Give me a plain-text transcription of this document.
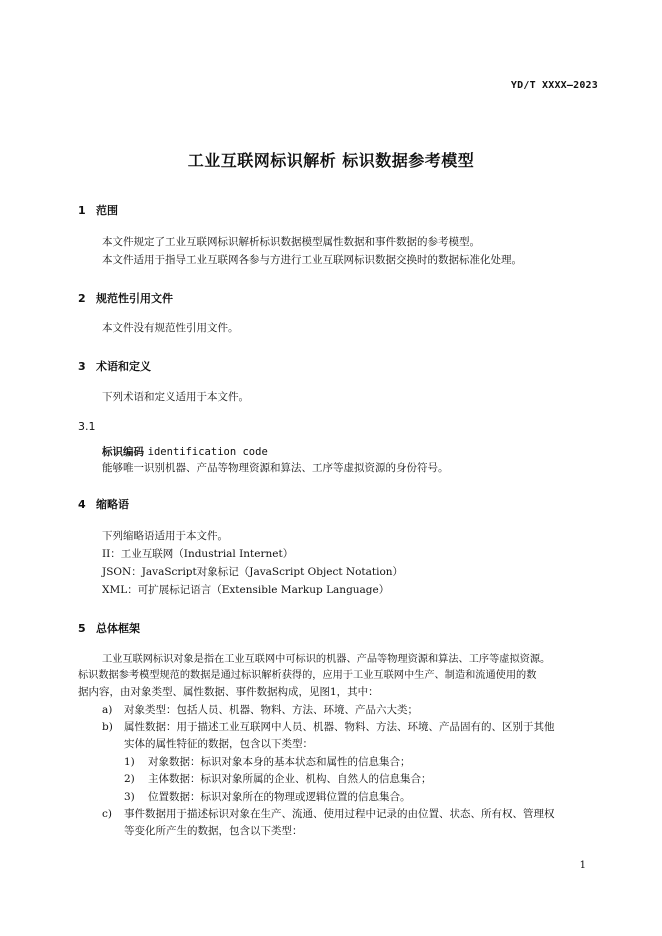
YD/T XXXX—2023
工业互联网标识解析 标识数据参考模型
1 范围
本文件规定了工业互联网标识解析标识数据模型属性数据和事件数据的参考模型。
本文件适用于指导工业互联网各参与方进行工业互联网标识数据交换时的数据标准化处理。
2 规范性引用文件
本文件没有规范性引用文件。
3 术语和定义
下列术语和定义适用于本文件。
3.1
标识编码 identification code
能够唯一识别机器、产品等物理资源和算法、工序等虚拟资源的身份符号。
4 缩略语
下列缩略语适用于本文件。
II：工业互联网（Industrial Internet）
JSON：JavaScript对象标记（JavaScript Object Notation）
XML：可扩展标记语言（Extensible Markup Language）
5 总体框架
工业互联网标识对象是指在工业互联网中可标识的机器、产品等物理资源和算法、工序等虚拟资源。
标识数据参考模型规范的数据是通过标识解析获得的，应用于工业互联网中生产、制造和流通使用的数
据内容，由对象类型、属性数据、事件数据构成，见图1，其中：
a) 对象类型：包括人员、机器、物料、方法、环境、产品六大类；
b) 属性数据：用于描述工业互联网中人员、机器、物料、方法、环境、产品固有的、区别于其他
实体的属性特征的数据，包含以下类型：
1) 对象数据：标识对象本身的基本状态和属性的信息集合；
2) 主体数据：标识对象所属的企业、机构、自然人的信息集合；
3) 位置数据：标识对象所在的物理或逻辑位置的信息集合。
c) 事件数据用于描述标识对象在生产、流通、使用过程中记录的由位置、状态、所有权、管理权
等变化所产生的数据，包含以下类型：
1
